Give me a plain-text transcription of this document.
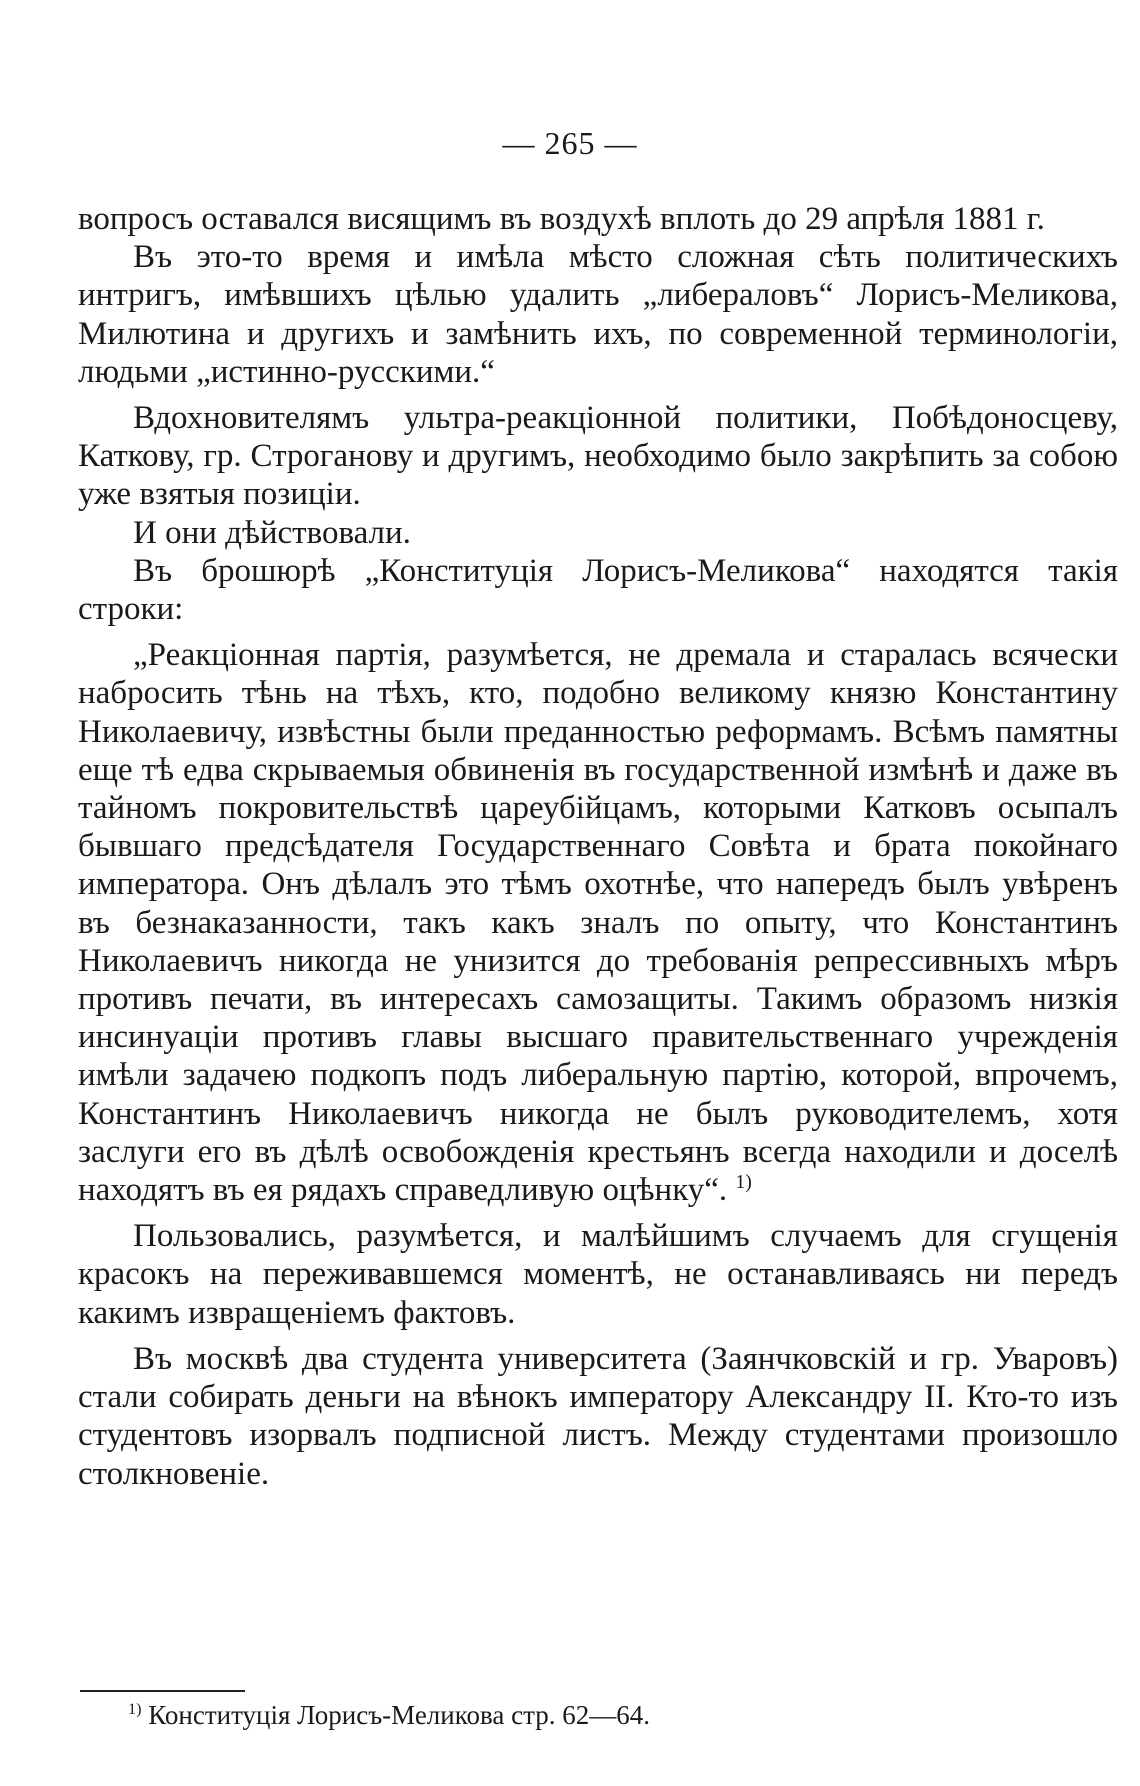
— 265 —

вопросъ оставался висящимъ въ воздухѣ вплоть до 29 апрѣля 1881 г.

Въ это-то время и имѣла мѣсто сложная сѣть политическихъ интригъ, имѣвшихъ цѣлью удалить „либераловъ“ Лорисъ-Меликова, Милютина и другихъ и замѣнить ихъ, по современной терминологіи, людьми „истинно-русскими.“

Вдохновителямъ ультра-реакціонной политики, Побѣдоносцеву, Каткову, гр. Строганову и другимъ, необходимо было закрѣпить за собою уже взятыя позиціи.

И они дѣйствовали.

Въ брошюрѣ „Конституція Лорисъ-Меликова“ находятся такія строки:

„Реакціонная партія, разумѣется, не дремала и старалась всячески набросить тѣнь на тѣхъ, кто, подобно великому князю Константину Николаевичу, извѣстны были преданностью реформамъ. Всѣмъ памятны еще тѣ едва скрываемыя обвиненія въ государственной измѣнѣ и даже въ тайномъ покровительствѣ цареубійцамъ, которыми Катковъ осыпалъ бывшаго предсѣдателя Государственнаго Совѣта и брата покойнаго императора. Онъ дѣлалъ это тѣмъ охотнѣе, что напередъ былъ увѣренъ въ безнаказанности, такъ какъ зналъ по опыту, что Константинъ Николаевичъ никогда не унизится до требованія репрессивныхъ мѣръ противъ печати, въ интересахъ самозащиты. Такимъ образомъ низкія инсинуаціи противъ главы высшаго правительственнаго учрежденія имѣли задачею подкопъ подъ либеральную партію, которой, впрочемъ, Константинъ Николаевичъ никогда не былъ руководителемъ, хотя заслуги его въ дѣлѣ освобожденія крестьянъ всегда находили и доселѣ находятъ въ ея рядахъ справедливую оцѣнку“. $^{1)}$

Пользовались, разумѣется, и малѣйшимъ случаемъ для сгущенія красокъ на переживавшемся моментѣ, не останавливаясь ни передъ какимъ извращеніемъ фактовъ.

Въ москвѣ два студента университета (Заянчковскій и гр. Уваровъ) стали собирать деньги на вѣнокъ императору Александру II. Кто-то изъ студентовъ изорвалъ подписной листъ. Между студентами произошло столкновеніе.

$^{1)}$ Конституція Лорисъ-Меликова стр. 62—64.
